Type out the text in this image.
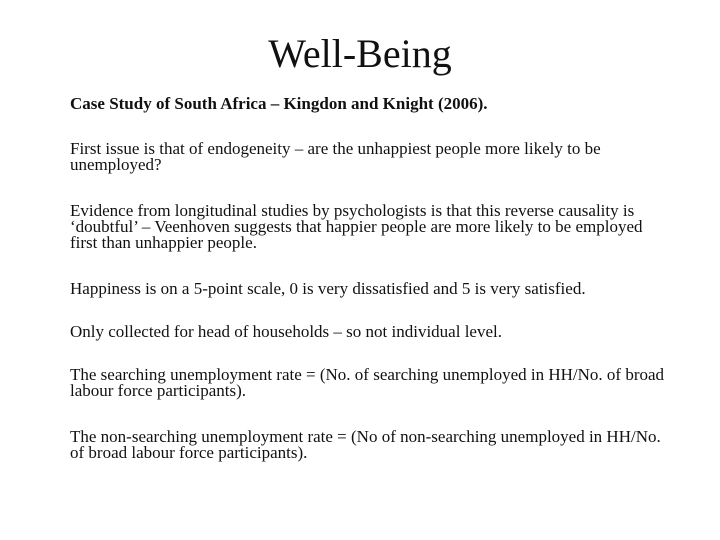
Well-Being

Case Study of South Africa – Kingdon and Knight (2006).

First issue is that of endogeneity – are the unhappiest people more likely to be unemployed?

Evidence from longitudinal studies by psychologists is that this reverse causality is ‘doubtful’ – Veenhoven suggests that happier people are more likely to be employed first than unhappier people.

Happiness is on a 5-point scale, 0 is very dissatisfied and 5 is very satisfied.

Only collected for head of households – so not individual level.

The searching unemployment rate = (No. of searching unemployed in HH/No. of broad labour force participants).

The non-searching unemployment rate = (No of non-searching unemployed in HH/No. of broad labour force participants).
